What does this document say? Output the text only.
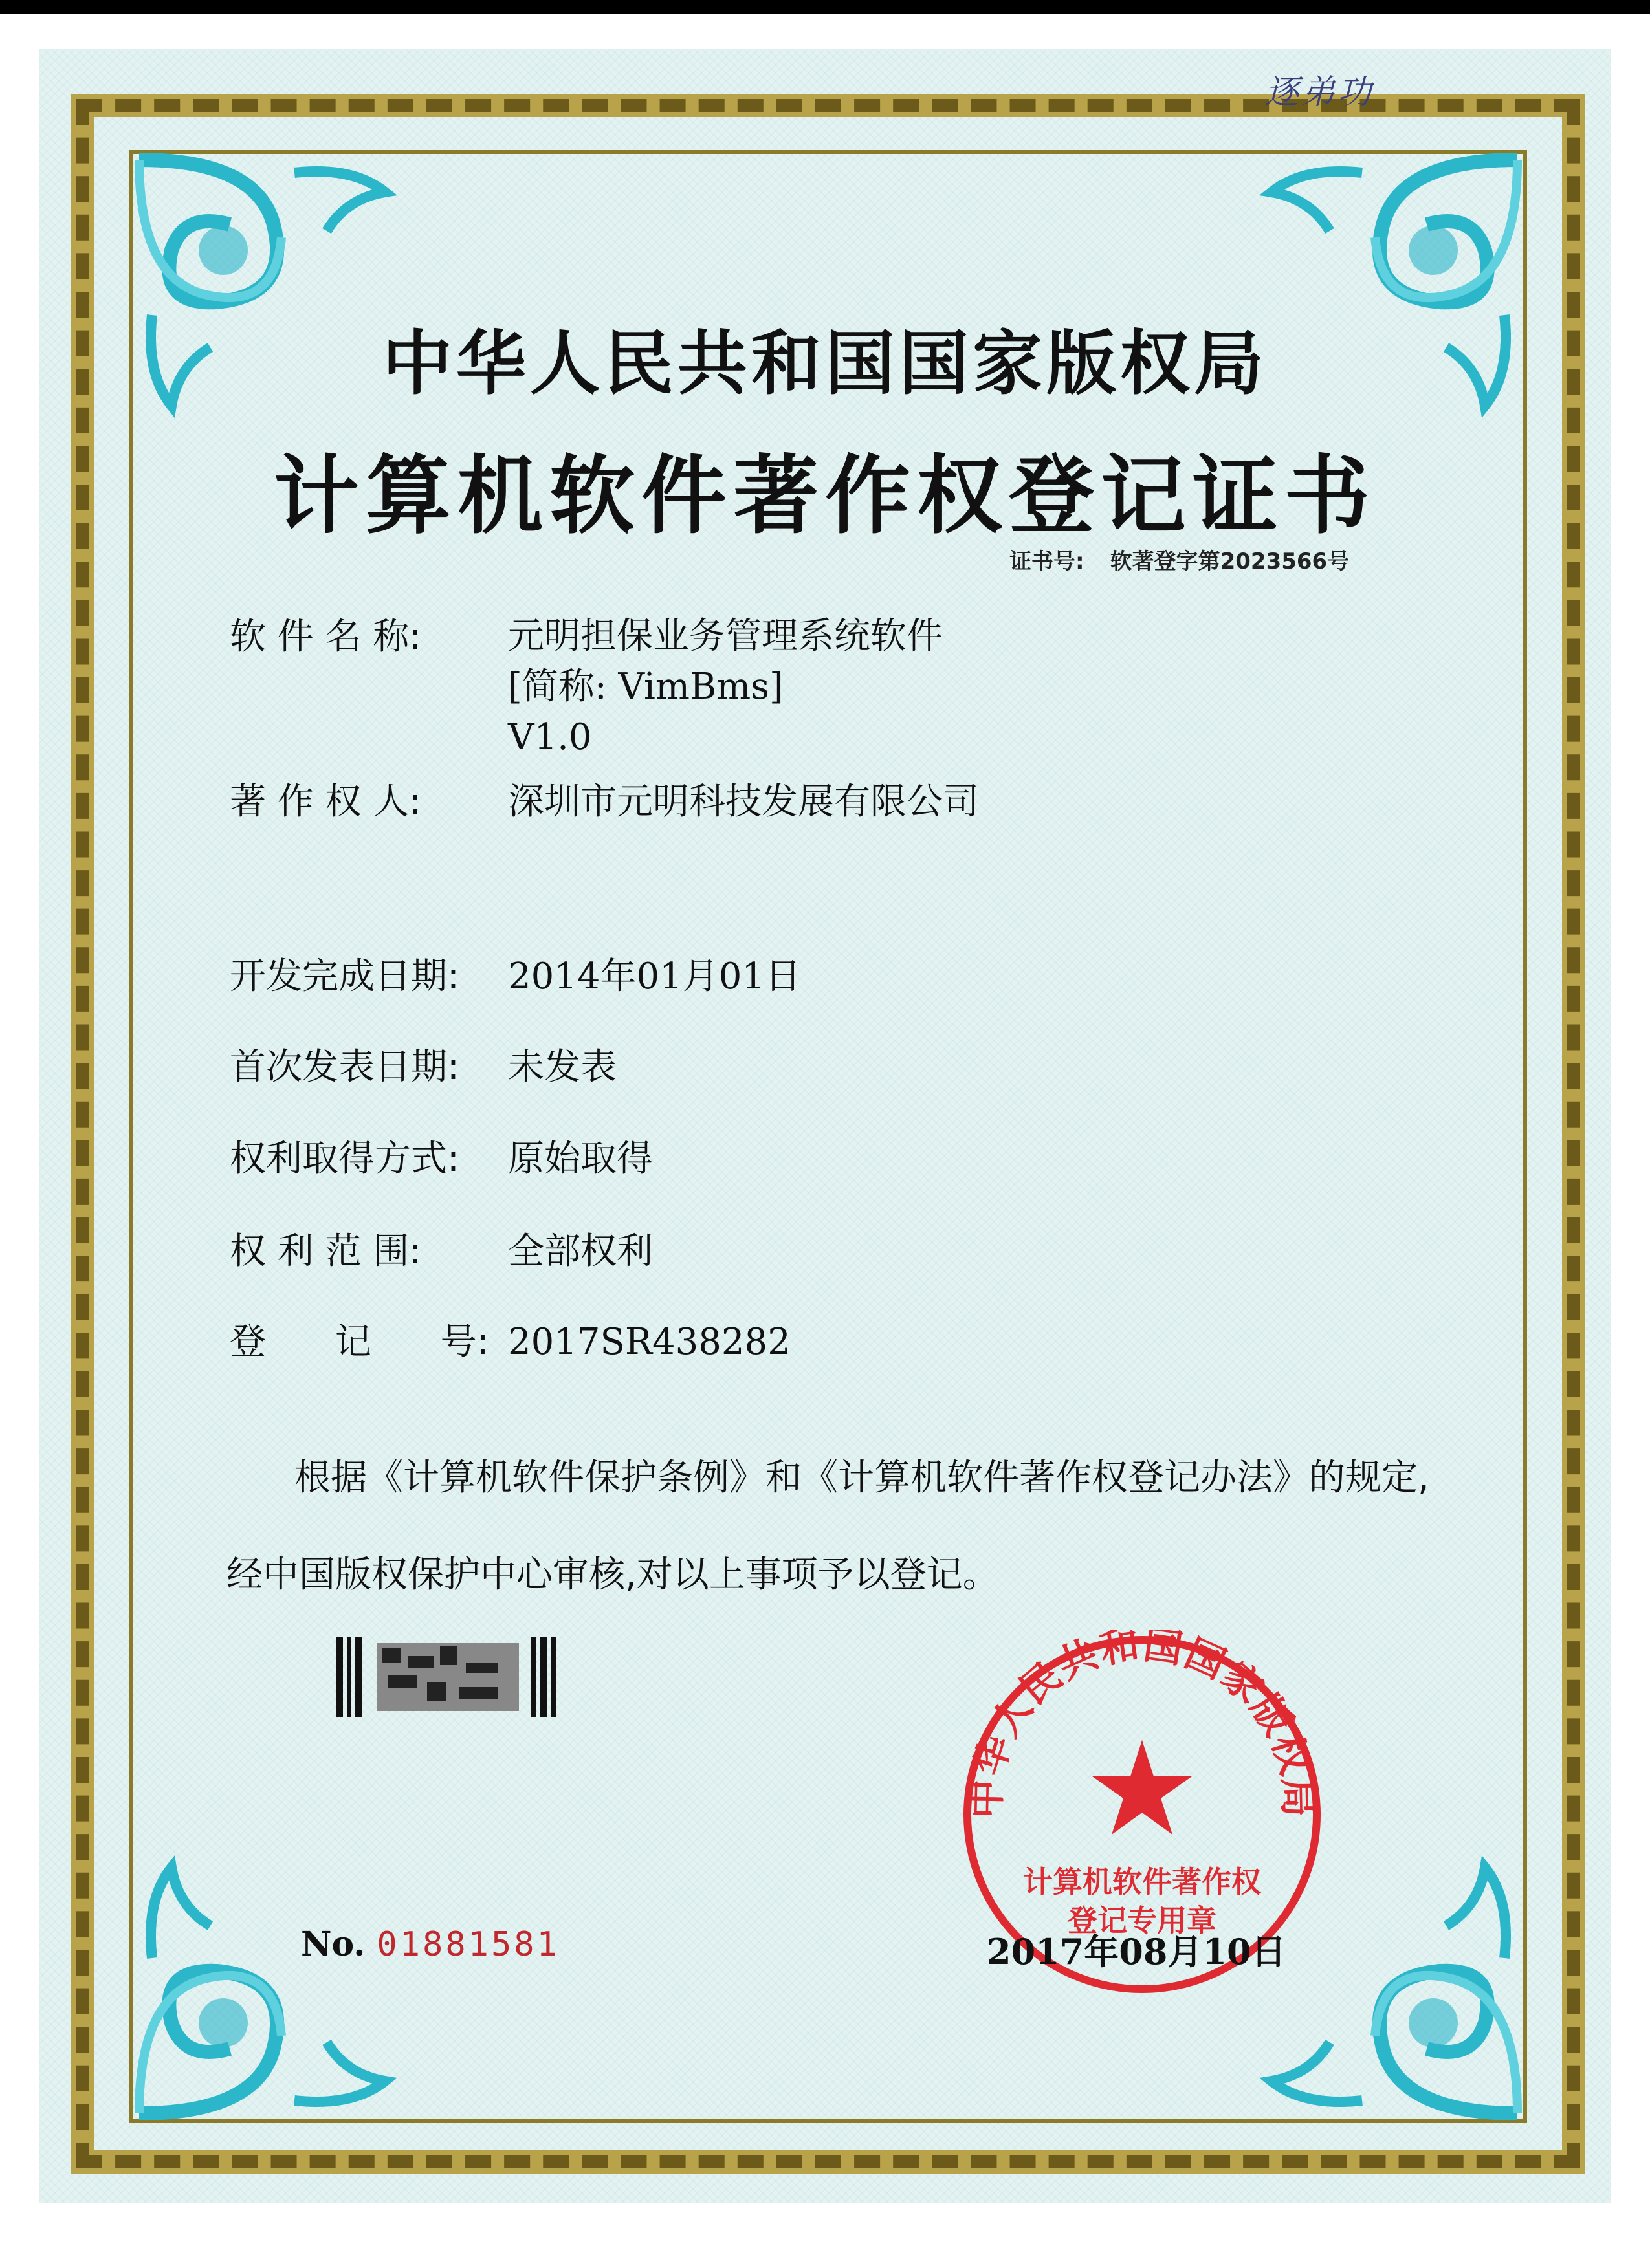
逐弟功
中华人民共和国国家版权局
计算机软件著作权登记证书
证书号: 软著登字第2023566号
软 件 名 称: 元明担保业务管理系统软件
[简称: VimBms]
V1.0
著 作 权 人: 深圳市元明科技发展有限公司
开发完成日期: 2014年01月01日
首次发表日期: 未发表
权利取得方式: 原始取得
权 利 范 围: 全部权利
登      记      号: 2017SR438282
根据《计算机软件保护条例》和《计算机软件著作权登记办法》的规定,经中国版权保护中心审核,对以上事项予以登记。
中华人民共和国国家版权局
计算机软件著作权
登记专用章
No. 01881581	2017年08月10日
